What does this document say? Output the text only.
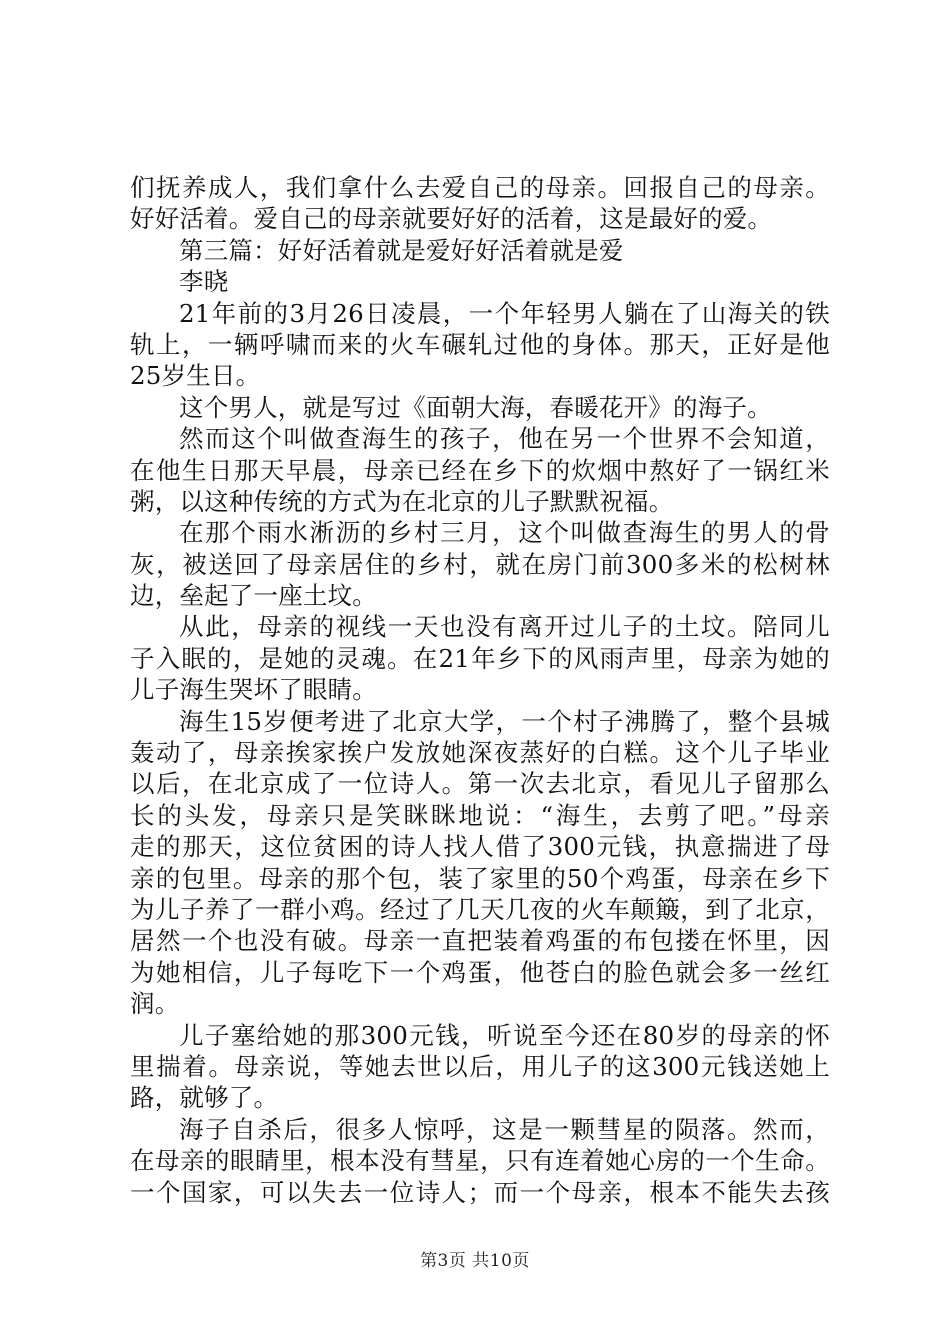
们抚养成人，我们拿什么去爱自己的母亲。回报自己的母亲。
好好活着。爱自己的母亲就要好好的活着，这是最好的爱。
第三篇：好好活着就是爱好好活着就是爱
李晓
21年前的3月26日凌晨，一个年轻男人躺在了山海关的铁
轨上，一辆呼啸而来的火车碾轧过他的身体。那天，正好是他
25岁生日。
这个男人，就是写过《面朝大海，春暖花开》的海子。
然而这个叫做查海生的孩子，他在另一个世界不会知道，
在他生日那天早晨，母亲已经在乡下的炊烟中熬好了一锅红米
粥，以这种传统的方式为在北京的儿子默默祝福。
在那个雨水淅沥的乡村三月，这个叫做查海生的男人的骨
灰，被送回了母亲居住的乡村，就在房门前300多米的松树林
边，垒起了一座土坟。
从此，母亲的视线一天也没有离开过儿子的土坟。陪同儿
子入眠的，是她的灵魂。在21年乡下的风雨声里，母亲为她的
儿子海生哭坏了眼睛。
海生15岁便考进了北京大学，一个村子沸腾了，整个县城
轰动了，母亲挨家挨户发放她深夜蒸好的白糕。这个儿子毕业
以后，在北京成了一位诗人。第一次去北京，看见儿子留那么
长的头发，母亲只是笑眯眯地说：“海生，去剪了吧。”母亲
走的那天，这位贫困的诗人找人借了300元钱，执意揣进了母
亲的包里。母亲的那个包，装了家里的50个鸡蛋，母亲在乡下
为儿子养了一群小鸡。经过了几天几夜的火车颠簸，到了北京，
居然一个也没有破。母亲一直把装着鸡蛋的布包搂在怀里，因
为她相信，儿子每吃下一个鸡蛋，他苍白的脸色就会多一丝红
润。
儿子塞给她的那300元钱，听说至今还在80岁的母亲的怀
里揣着。母亲说，等她去世以后，用儿子的这300元钱送她上
路，就够了。
海子自杀后，很多人惊呼，这是一颗彗星的陨落。然而，
在母亲的眼睛里，根本没有彗星，只有连着她心房的一个生命。
一个国家，可以失去一位诗人；而一个母亲，根本不能失去孩
第3页 共10页
